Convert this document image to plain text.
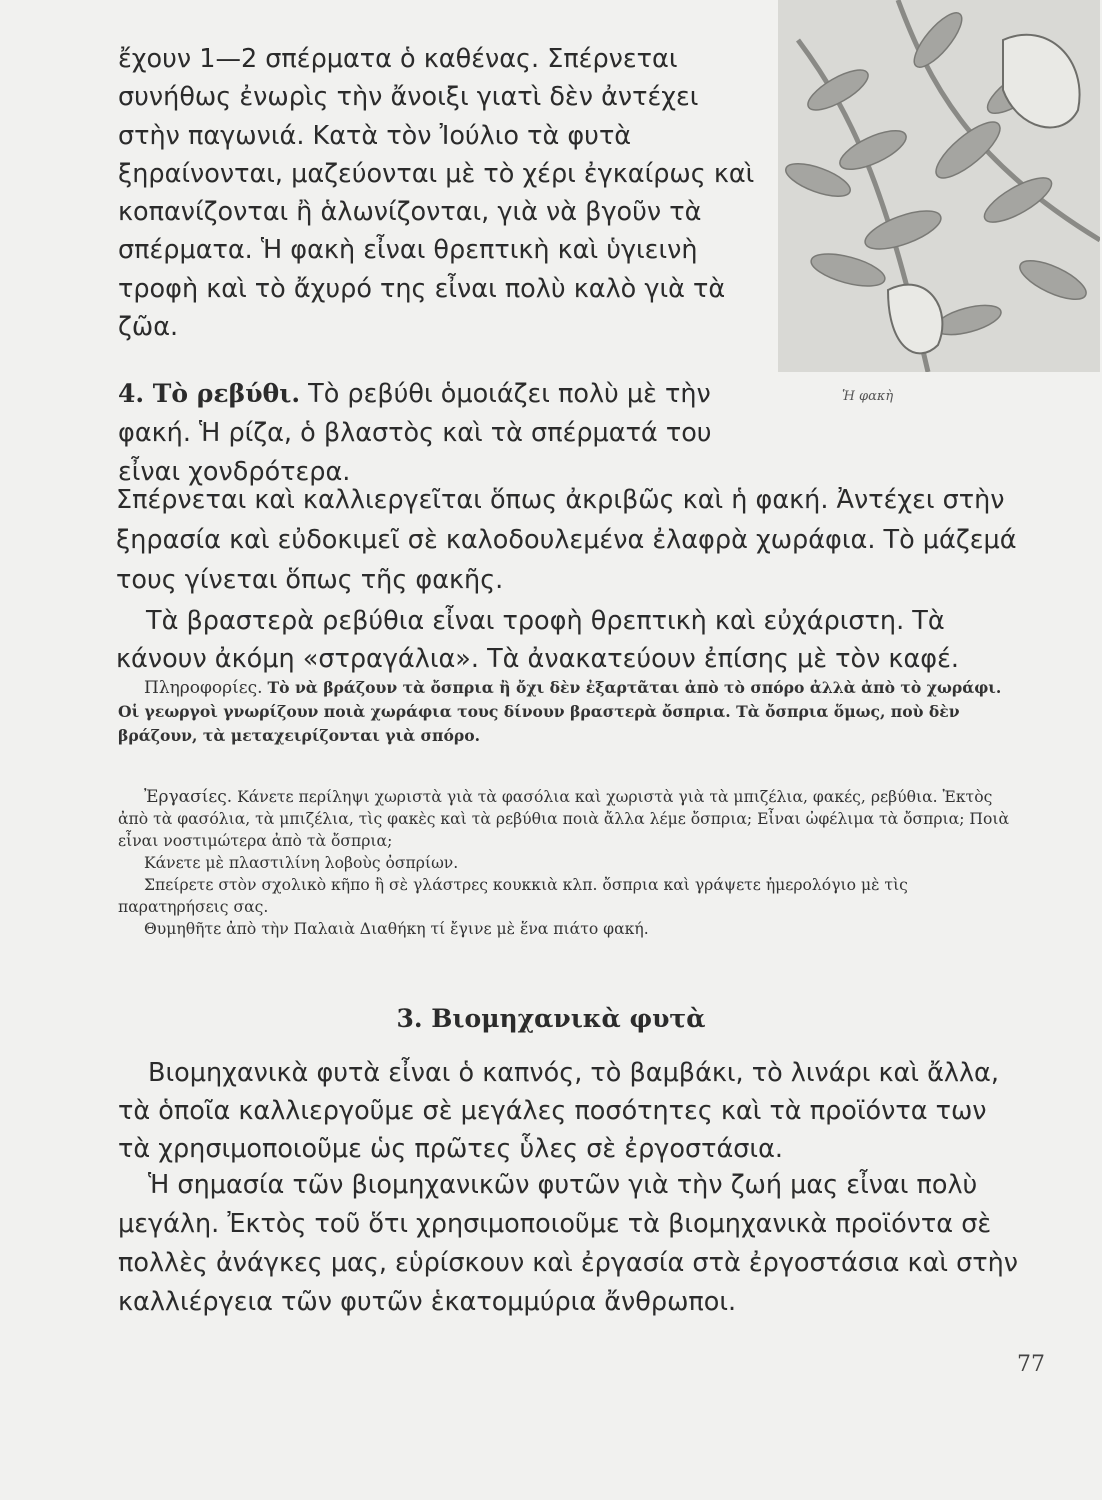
Ἡ φακὴ

ἔχουν 1—2 σπέρματα ὁ καθένας. Σπέρνεται συνήθως ἐνωρὶς τὴν ἄνοιξι γιατὶ δὲν ἀντέχει στὴν παγωνιά. Κατὰ τὸν Ἰούλιο τὰ φυτὰ ξηραίνονται, μαζεύονται μὲ τὸ χέρι ἐγκαίρως καὶ κοπανίζονται ἢ ἁλωνίζονται, γιὰ νὰ βγοῦν τὰ σπέρματα. Ἡ φακὴ εἶναι θρεπτικὴ καὶ ὑγιεινὴ τροφὴ καὶ τὸ ἄχυρό της εἶναι πολὺ καλὸ γιὰ τὰ ζῶα.

4. Τὸ ρεβύθι. Τὸ ρεβύθι ὁμοιάζει πολὺ μὲ τὴν φακή. Ἡ ρίζα, ὁ βλαστὸς καὶ τὰ σπέρματά του εἶναι χονδρότερα.

Σπέρνεται καὶ καλλιεργεῖται ὅπως ἀκριβῶς καὶ ἡ φακή. Ἀντέχει στὴν ξηρασία καὶ εὐδοκιμεῖ σὲ καλοδουλεμένα ἐλαφρὰ χωράφια. Τὸ μάζεμά τους γίνεται ὅπως τῆς φακῆς.

Τὰ βραστερὰ ρεβύθια εἶναι τροφὴ θρεπτικὴ καὶ εὐχάριστη. Τὰ κάνουν ἀκόμη «στραγάλια». Τὰ ἀνακατεύουν ἐπίσης μὲ τὸν καφέ.

Πληροφορίες. Τὸ νὰ βράζουν τὰ ὄσπρια ἢ ὄχι δὲν ἐξαρτᾶται ἀπὸ τὸ σπόρο ἀλλὰ ἀπὸ τὸ χωράφι. Οἱ γεωργοὶ γνωρίζουν ποιὰ χωράφια τους δίνουν βραστερὰ ὄσπρια. Τὰ ὄσπρια ὅμως, ποὺ δὲν βράζουν, τὰ μεταχειρίζονται γιὰ σπόρο.

Ἐργασίες. Κάνετε περίληψι χωριστὰ γιὰ τὰ φασόλια καὶ χωριστὰ γιὰ τὰ μπιζέλια, φακές, ρεβύθια. Ἐκτὸς ἀπὸ τὰ φασόλια, τὰ μπιζέλια, τὶς φακὲς καὶ τὰ ρεβύθια ποιὰ ἄλλα λέμε ὄσπρια; Εἶναι ὠφέλιμα τὰ ὄσπρια; Ποιὰ εἶναι νοστιμώτερα ἀπὸ τὰ ὄσπρια;

Κάνετε μὲ πλαστιλίνη λοβοὺς ὀσπρίων.

Σπείρετε στὸν σχολικὸ κῆπο ἢ σὲ γλάστρες κουκκιὰ κλπ. ὄσπρια καὶ γράψετε ἡμερολόγιο μὲ τὶς παρατηρήσεις σας.

Θυμηθῆτε ἀπὸ τὴν Παλαιὰ Διαθήκη τί ἔγινε μὲ ἕνα πιάτο φακή.

3. Βιομηχανικὰ φυτὰ

Βιομηχανικὰ φυτὰ εἶναι ὁ καπνός, τὸ βαμβάκι, τὸ λινάρι καὶ ἄλλα, τὰ ὁποῖα καλλιεργοῦμε σὲ μεγάλες ποσότητες καὶ τὰ προϊόντα των τὰ χρησιμοποιοῦμε ὡς πρῶτες ὗλες σὲ ἐργοστάσια.

Ἡ σημασία τῶν βιομηχανικῶν φυτῶν γιὰ τὴν ζωή μας εἶναι πολὺ μεγάλη. Ἐκτὸς τοῦ ὅτι χρησιμοποιοῦμε τὰ βιομηχανικὰ προϊόντα σὲ πολλὲς ἀνάγκες μας, εὑρίσκουν καὶ ἐργασία στὰ ἐργοστάσια καὶ στὴν καλλιέργεια τῶν φυτῶν ἑκατομμύρια ἄνθρωποι.

77
